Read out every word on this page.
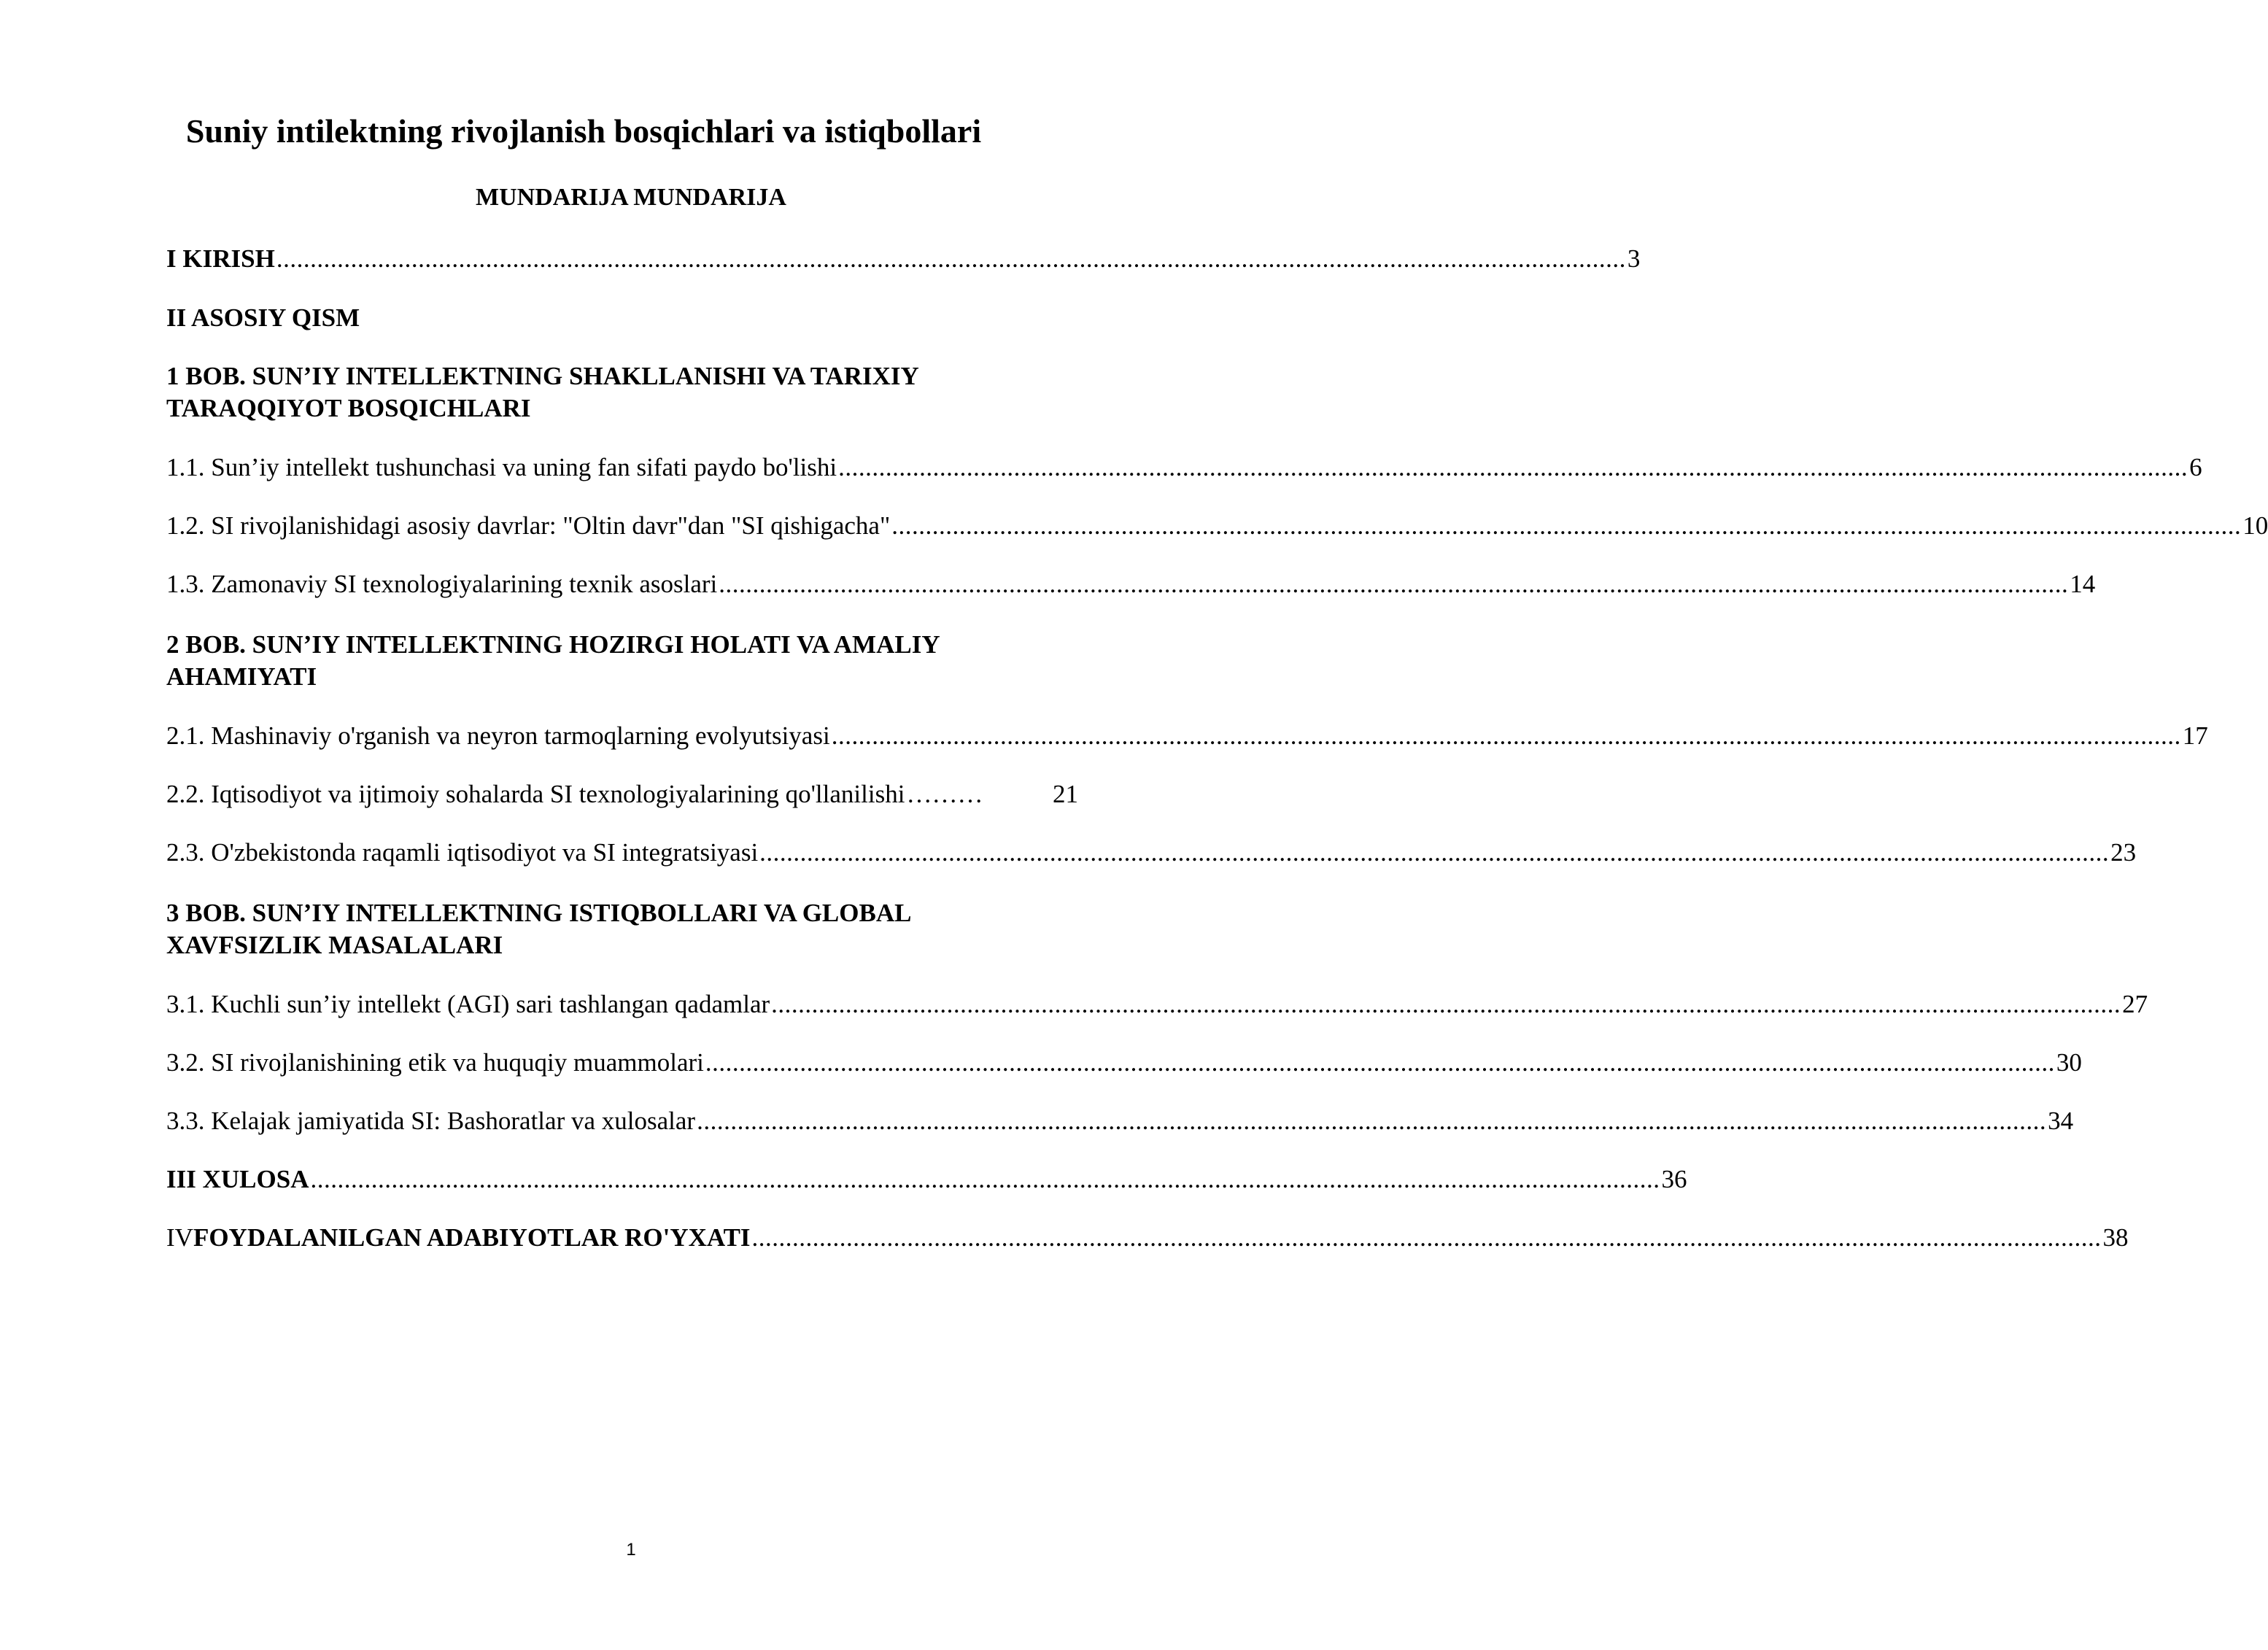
Suniy intilektning rivojlanish bosqichlari va istiqbollari
MUNDARIJA MUNDARIJA
I KIRISH ........................................................................................................................................................................................................ 3
II ASOSIY QISM
1 BOB. SUN’IY INTELLEKTNING SHAKLLANISHI VA TARIXIY TARAQQIYOT BOSQICHLARI
1.1. Sun’iy intellekt tushunchasi va uning fan sifati paydo bo'lishi ........................................................................................................................................................................................................ 6
1.2. SI rivojlanishidagi asosiy davrlar: "Oltin davr"dan "SI qishigacha" ........................................................................................................................................................................................................ 10
1.3. Zamonaviy SI texnologiyalarining texnik asoslari ........................................................................................................................................................................................................ 14
2 BOB. SUN’IY INTELLEKTNING HOZIRGI HOLATI VA AMALIY AHAMIYATI
2.1. Mashinaviy o'rganish va neyron tarmoqlarning evolyutsiyasi ........................................................................................................................................................................................................ 17
2.2. Iqtisodiyot va ijtimoiy sohalarda SI texnologiyalarining qo'llanilishi ………	21
2.3. O'zbekistonda raqamli iqtisodiyot va SI integratsiyasi ........................................................................................................................................................................................................ 23
3 BOB. SUN’IY INTELLEKTNING ISTIQBOLLARI VA GLOBAL XAVFSIZLIK MASALALARI
3.1. Kuchli sun’iy intellekt (AGI) sari tashlangan qadamlar ........................................................................................................................................................................................................ 27
3.2. SI rivojlanishining etik va huquqiy muammolari ........................................................................................................................................................................................................ 30
3.3. Kelajak jamiyatida SI: Bashoratlar va xulosalar ........................................................................................................................................................................................................ 34
III XULOSA ........................................................................................................................................................................................................ 36
IV FOYDALANILGAN ADABIYOTLAR RO'YXATI ........................................................................................................................................................................................................ 38
1
